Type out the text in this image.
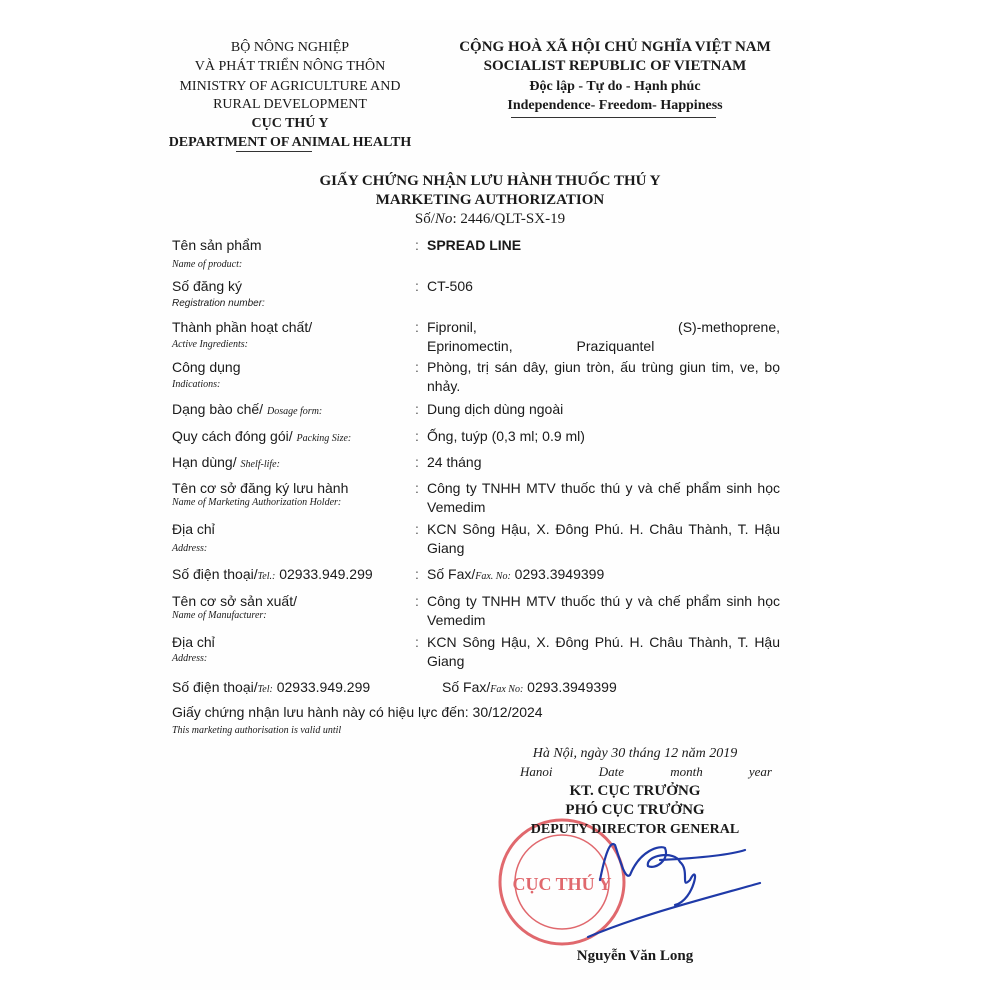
BỘ NÔNG NGHIỆP
VÀ PHÁT TRIỂN NÔNG THÔN
MINISTRY OF AGRICULTURE AND
RURAL DEVELOPMENT
CỤC THÚ Y
DEPARTMENT OF ANIMAL HEALTH
CỘNG HOÀ XÃ HỘI CHỦ NGHĨA VIỆT NAM
SOCIALIST REPUBLIC OF VIETNAM
Độc lập - Tự do - Hạnh phúc
Independence- Freedom- Happiness
GIẤY CHỨNG NHẬN LƯU HÀNH THUỐC THÚ Y
MARKETING AUTHORIZATION
Số/No: 2446/QLT-SX-19
Tên sản phẩm
Name of product:
: SPREAD LINE
Số đăng ký
Registration number:
: CT-506
Thành phần hoạt chất/
Active Ingredients:
: Fipronil, (S)-methoprene, Eprinomectin, Praziquantel
Công dụng
Indications:
: Phòng, trị sán dây, giun tròn, ấu trùng giun tim, ve, bọ nhảy.
Dạng bào chế/ Dosage form:	: Dung dịch dùng ngoài
Quy cách đóng gói/ Packing Size:	: Ống, tuýp (0,3 ml; 0.9 ml)
Hạn dùng/ Shelf-life:	: 24 tháng
Tên cơ sở đăng ký lưu hành
Name of Marketing Authorization Holder:
: Công ty TNHH MTV thuốc thú y và chế phẩm sinh học Vemedim
Địa chỉ
Address:
: KCN Sông Hậu, X. Đông Phú. H. Châu Thành, T. Hậu Giang
Số điện thoại/Tel.: 02933.949.299	: Số Fax/Fax. No: 0293.3949399
Tên cơ sở sản xuất/
Name of Manufacturer:
: Công ty TNHH MTV thuốc thú y và chế phẩm sinh học Vemedim
Địa chỉ
Address:
: KCN Sông Hậu, X. Đông Phú. H. Châu Thành, T. Hậu Giang
Số điện thoại/Tel: 02933.949.299	Số Fax/Fax No: 0293.3949399
Giấy chứng nhận lưu hành này có hiệu lực đến: 30/12/2024
This marketing authorisation is valid until
CỤC THÚ Y
Hà Nội, ngày 30 tháng 12 năm 2019
Hanoi	Date	month	year
KT. CỤC TRƯỞNG
PHÓ CỤC TRƯỞNG
DEPUTY DIRECTOR GENERAL
Nguyễn Văn Long
